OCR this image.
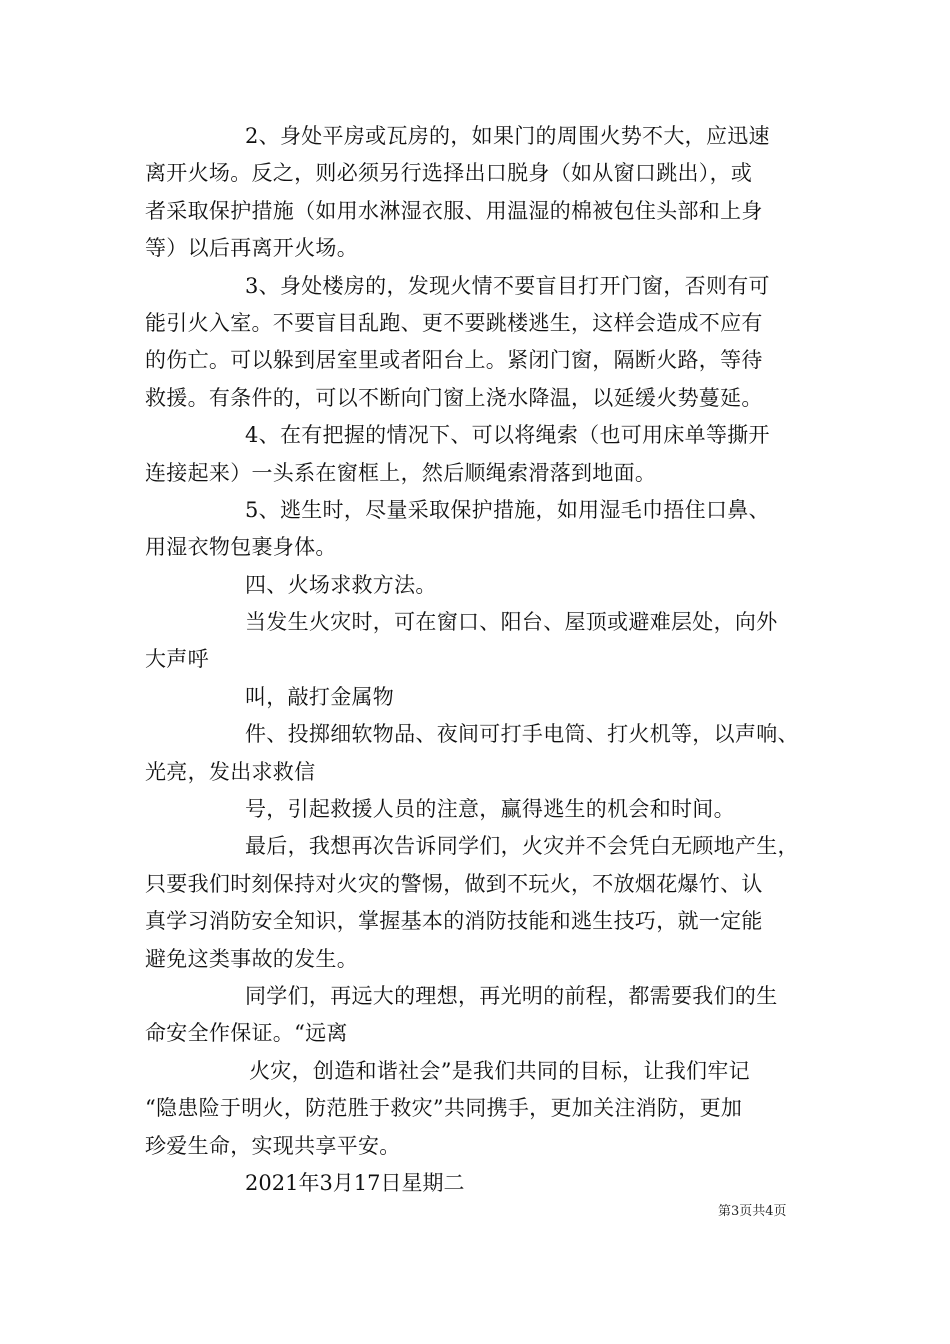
2、身处平房或瓦房的，如果门的周围火势不大，应迅速
离开火场。反之，则必须另行选择出口脱身（如从窗口跳出），或
者采取保护措施（如用水淋湿衣服、用温湿的棉被包住头部和上身
等）以后再离开火场。
3、身处楼房的，发现火情不要盲目打开门窗，否则有可
能引火入室。不要盲目乱跑、更不要跳楼逃生，这样会造成不应有
的伤亡。可以躲到居室里或者阳台上。紧闭门窗，隔断火路，等待
救援。有条件的，可以不断向门窗上浇水降温，以延缓火势蔓延。
4、在有把握的情况下、可以将绳索（也可用床单等撕开
连接起来）一头系在窗框上，然后顺绳索滑落到地面。
5、逃生时，尽量采取保护措施，如用湿毛巾捂住口鼻、
用湿衣物包裹身体。
四、火场求救方法。
当发生火灾时，可在窗口、阳台、屋顶或避难层处，向外
大声呼
叫，敲打金属物
件、投掷细软物品、夜间可打手电筒、打火机等，以声响、
光亮，发出求救信
号，引起救援人员的注意，赢得逃生的机会和时间。
最后，我想再次告诉同学们，火灾并不会凭白无顾地产生，
只要我们时刻保持对火灾的警惕，做到不玩火，不放烟花爆竹、认
真学习消防安全知识，掌握基本的消防技能和逃生技巧，就一定能
避免这类事故的发生。
同学们，再远大的理想，再光明的前程，都需要我们的生
命安全作保证。“远离
火灾，创造和谐社会”是我们共同的目标，让我们牢记
“隐患险于明火，防范胜于救灾”共同携手，更加关注消防，更加
珍爱生命，实现共享平安。
2021年3月17日星期二
第3页共4页
